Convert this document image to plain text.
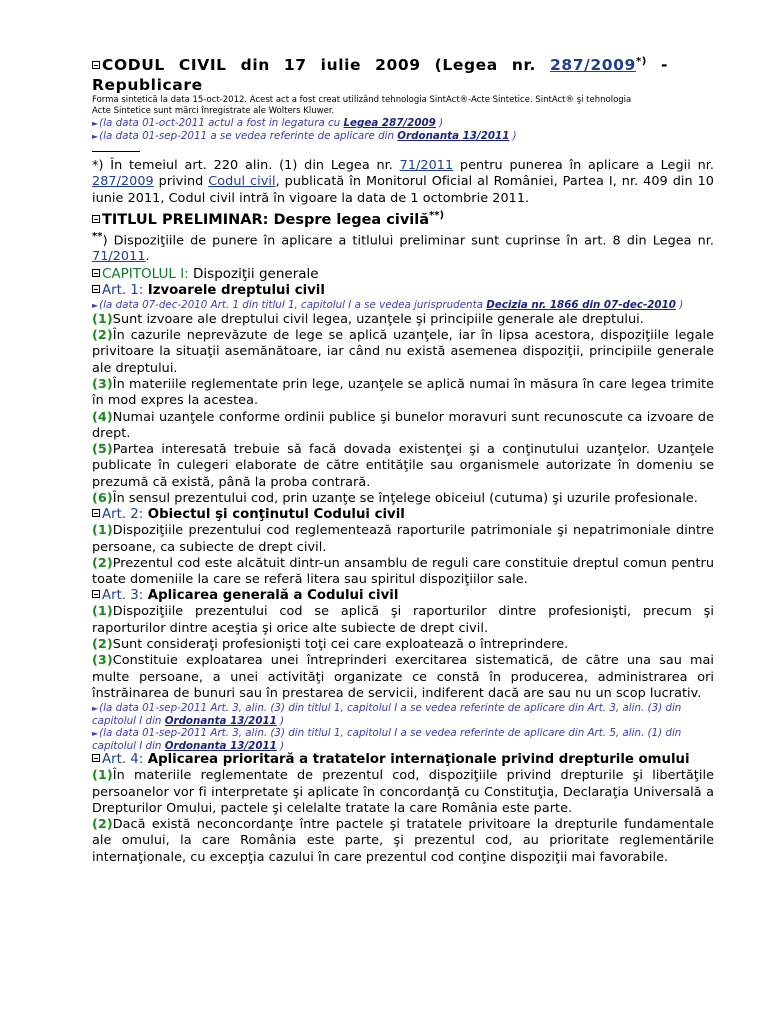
CODUL CIVIL din 17 iulie 2009 (Legea nr. 287/2009*) -
Republicare
Forma sintetică la data 15-oct-2012. Acest act a fost creat utilizând tehnologia SintAct®-Acte Sintetice. SintAct® şi tehnologia
Acte Sintetice sunt mărci înregistrate ale Wolters Kluwer.
►(la data 01-oct-2011 actul a fost in legatura cu Legea 287/2009 )
►(la data 01-sep-2011 a se vedea referinte de aplicare din Ordonanta 13/2011 )
*) În temeiul art. 220 alin. (1) din Legea nr. 71/2011 pentru punerea în aplicare a Legii nr. 287/2009 privind Codul civil, publicată în Monitorul Oficial al României, Partea I, nr. 409 din 10 iunie 2011, Codul civil intră în vigoare la data de 1 octombrie 2011.
TITLUL PRELIMINAR: Despre legea civilă**)
**) Dispoziţiile de punere în aplicare a titlului preliminar sunt cuprinse în art. 8 din Legea nr. 71/2011.
CAPITOLUL I: Dispoziţii generale
Art. 1: Izvoarele dreptului civil
►(la data 07-dec-2010 Art. 1 din titlul 1, capitolul I a se vedea jurisprudenta Decizia nr. 1866 din 07-dec-2010 )

(1)Sunt izvoare ale dreptului civil legea, uzanţele şi principiile generale ale dreptului.

(2)În cazurile neprevăzute de lege se aplică uzanţele, iar în lipsa acestora, dispoziţiile legale privitoare la situaţii asemănătoare, iar când nu există asemenea dispoziţii, principiile generale ale dreptului.

(3)În materiile reglementate prin lege, uzanţele se aplică numai în măsura în care legea trimite în mod expres la acestea.

(4)Numai uzanţele conforme ordinii publice şi bunelor moravuri sunt recunoscute ca izvoare de drept.

(5)Partea interesată trebuie să facă dovada existenţei şi a conţinutului uzanţelor. Uzanţele publicate în culegeri elaborate de către entităţile sau organismele autorizate în domeniu se prezumă că există, până la proba contrară.

(6)În sensul prezentului cod, prin uzanţe se înţelege obiceiul (cutuma) şi uzurile profesionale.

Art. 2: Obiectul şi conţinutul Codului civil

(1)Dispoziţiile prezentului cod reglementează raporturile patrimoniale şi nepatrimoniale dintre persoane, ca subiecte de drept civil.

(2)Prezentul cod este alcătuit dintr-un ansamblu de reguli care constituie dreptul comun pentru toate domeniile la care se referă litera sau spiritul dispoziţiilor sale.

Art. 3: Aplicarea generală a Codului civil

(1)Dispoziţiile prezentului cod se aplică şi raporturilor dintre profesionişti, precum şi raporturilor dintre aceştia şi orice alte subiecte de drept civil.

(2)Sunt consideraţi profesionişti toţi cei care exploatează o întreprindere.

(3)Constituie exploatarea unei întreprinderi exercitarea sistematică, de către una sau mai multe persoane, a unei activităţi organizate ce constă în producerea, administrarea ori înstrăinarea de bunuri sau în prestarea de servicii, indiferent dacă are sau nu un scop lucrativ.

►(la data 01-sep-2011 Art. 3, alin. (3) din titlul 1, capitolul I a se vedea referinte de aplicare din Art. 3, alin. (3) din capitolul I din Ordonanta 13/2011 )
►(la data 01-sep-2011 Art. 3, alin. (3) din titlul 1, capitolul I a se vedea referinte de aplicare din Art. 5, alin. (1) din capitolul I din Ordonanta 13/2011 )
Art. 4: Aplicarea prioritară a tratatelor internaţionale privind drepturile omului

(1)În materiile reglementate de prezentul cod, dispoziţiile privind drepturile şi libertăţile persoanelor vor fi interpretate şi aplicate în concordanţă cu Constituţia, Declaraţia Universală a Drepturilor Omului, pactele şi celelalte tratate la care România este parte.

(2)Dacă există neconcordanţe între pactele şi tratatele privitoare la drepturile fundamentale ale omului, la care România este parte, şi prezentul cod, au prioritate reglementările internaţionale, cu excepţia cazului în care prezentul cod conţine dispoziţii mai favorabile.
